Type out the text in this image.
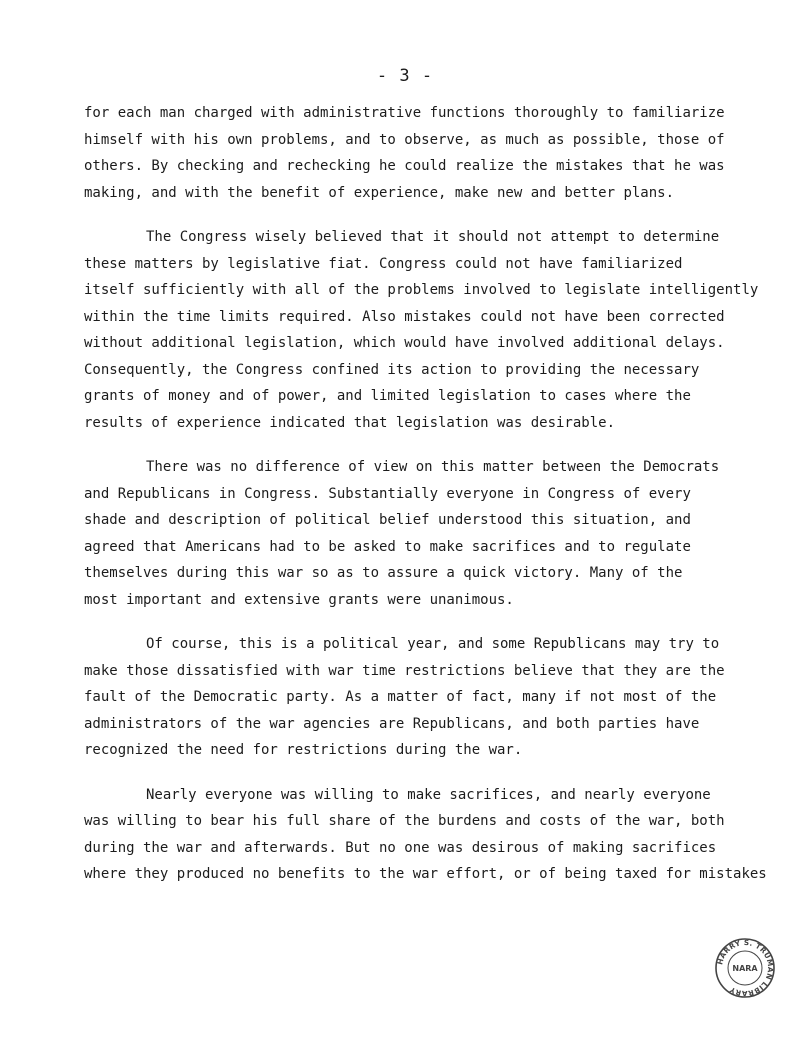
- 3 -
for each man charged with administrative functions thoroughly to familiarize
himself with his own problems, and to observe, as much as possible, those of
others. By checking and rechecking he could realize the mistakes that he was
making, and with the benefit of experience, make new and better plans.
The Congress wisely believed that it should not attempt to determine
these matters by legislative fiat. Congress could not have familiarized
itself sufficiently with all of the problems involved to legislate intelligently
within the time limits required. Also mistakes could not have been corrected
without additional legislation, which would have involved additional delays.
Consequently, the Congress confined its action to providing the necessary
grants of money and of power, and limited legislation to cases where the
results of experience indicated that legislation was desirable.
There was no difference of view on this matter between the Democrats
and Republicans in Congress. Substantially everyone in Congress of every
shade and description of political belief understood this situation, and
agreed that Americans had to be asked to make sacrifices and to regulate
themselves during this war so as to assure a quick victory. Many of the
most important and extensive grants were unanimous.
Of course, this is a political year, and some Republicans may try to
make those dissatisfied with war time restrictions believe that they are the
fault of the Democratic party. As a matter of fact, many if not most of the
administrators of the war agencies are Republicans, and both parties have
recognized the need for restrictions during the war.
Nearly everyone was willing to make sacrifices, and nearly everyone
was willing to bear his full share of the burdens and costs of the war, both
during the war and afterwards. But no one was desirous of making sacrifices
where they produced no benefits to the war effort, or of being taxed for mistakes
HARRY S. TRUMAN LIBRARY
NARA
